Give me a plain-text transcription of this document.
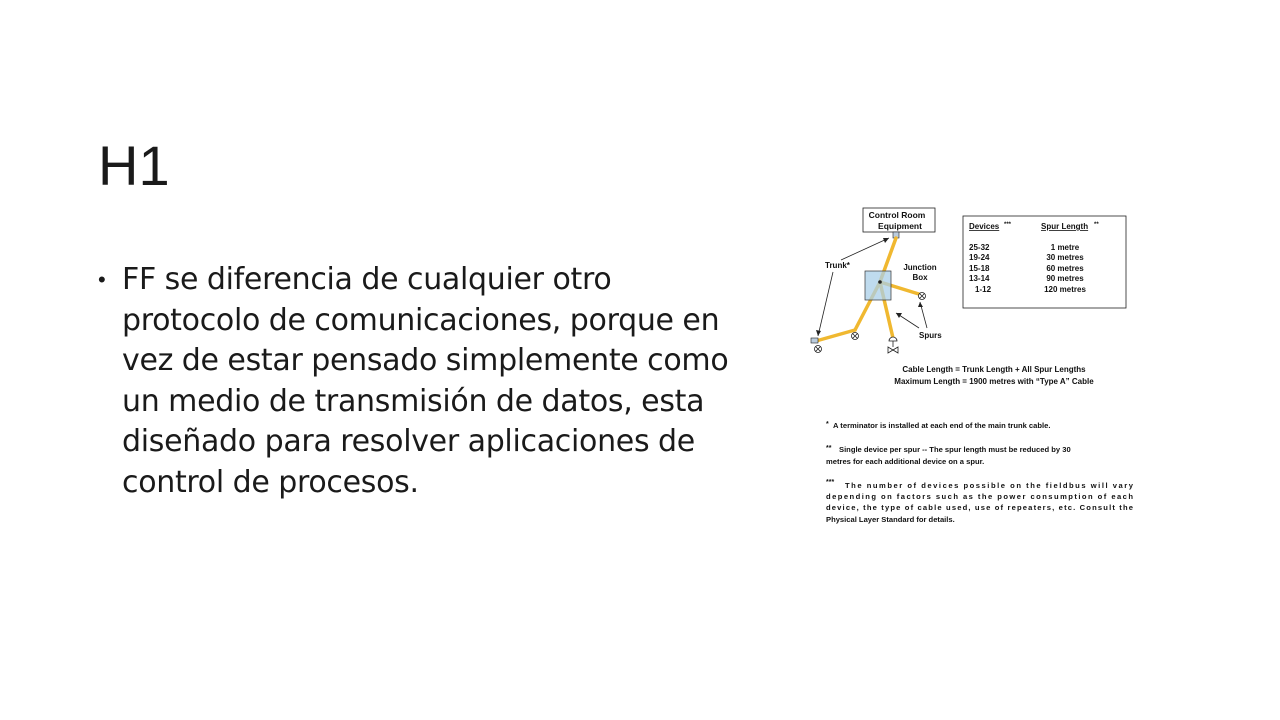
H1
• FF se diferencia de cualquier otro protocolo de comunicaciones, porque en vez de estar pensado simplemente como un medio de transmisión de datos, esta diseñado para resolver aplicaciones de control de procesos.
Control Room
Equipment
Junction
Box
Trunk*
Spurs
Devices ***	Spur Length **
25-32	1 metre
19-24	30 metres
15-18	60 metres
13-14	90 metres
1-12	120 metres
Cable Length = Trunk Length + All Spur Lengths
Maximum Length = 1900 metres with “Type A” Cable
* A terminator is installed at each end of the main trunk cable.
** Single device per spur -- The spur length must be reduced by 30
metres for each additional device on a spur.
*** The number of devices possible on the fieldbus will vary
depending on factors such as the power consumption of each
device, the type of cable used, use of repeaters, etc. Consult the
Physical Layer Standard for details.
